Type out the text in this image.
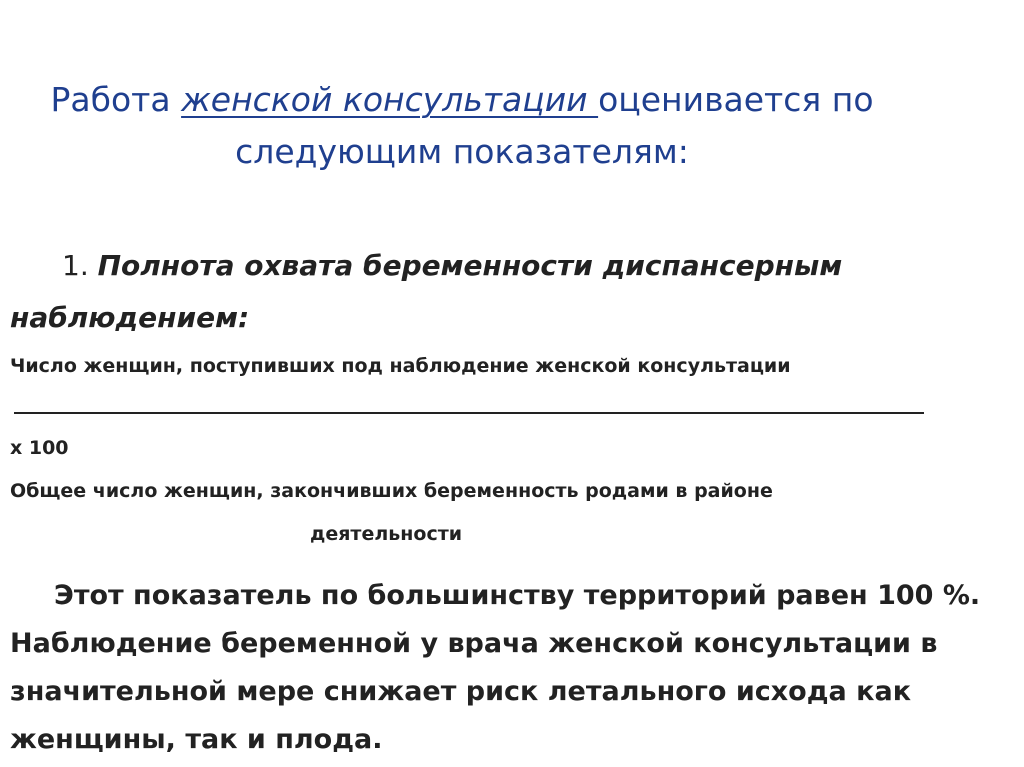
Работа женской консультации оценивается по
следующим показателям:
1. Полнота охвата беременности диспансерным
наблюдением:
Число женщин, поступивших под наблюдение женской консультации
х 100
Общее число женщин, закончивших беременность родами в районе
деятельности
Этот показатель по большинству территорий равен 100 %.
Наблюдение беременной у врача женской консультации в
значительной мере снижает риск летального исхода как
женщины, так и плода.
